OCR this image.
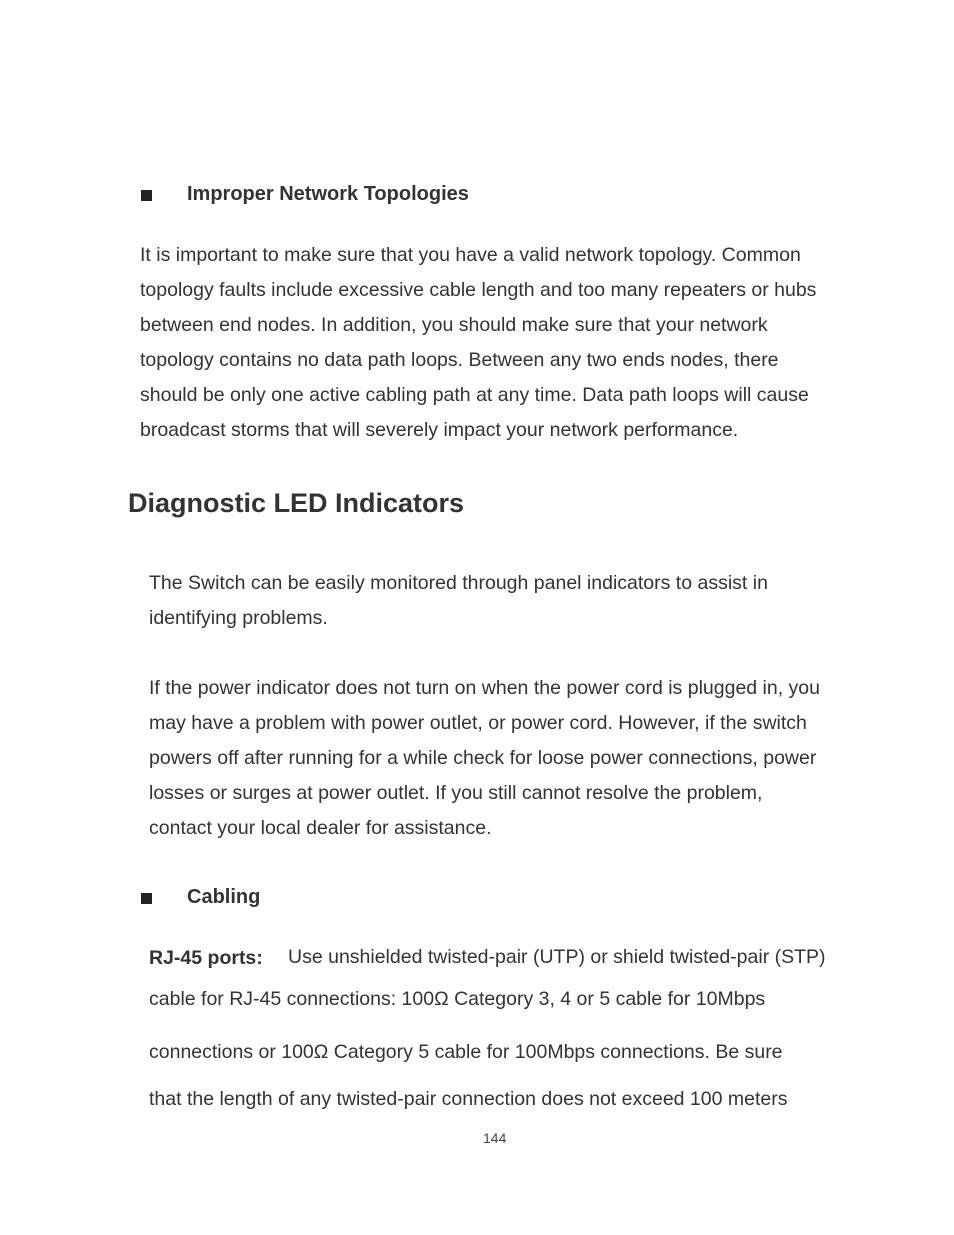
Improper Network Topologies
It is important to make sure that you have a valid network topology. Common
topology faults include excessive cable length and too many repeaters or hubs
between end nodes. In addition, you should make sure that your network
topology contains no data path loops. Between any two ends nodes, there
should be only one active cabling path at any time. Data path loops will cause
broadcast storms that will severely impact your network performance.
Diagnostic LED Indicators
The Switch can be easily monitored through panel indicators to assist in
identifying problems.
If the power indicator does not turn on when the power cord is plugged in, you
may have a problem with power outlet, or power cord. However, if the switch
powers off after running for a while check for loose power connections, power
losses or surges at power outlet. If you still cannot resolve the problem,
contact your local dealer for assistance.
Cabling
RJ-45 ports: Use unshielded twisted-pair (UTP) or shield twisted-pair (STP)
cable for RJ-45 connections: 100Ω Category 3, 4 or 5 cable for 10Mbps
connections or 100Ω Category 5 cable for 100Mbps connections. Be sure
that the length of any twisted-pair connection does not exceed 100 meters
144
